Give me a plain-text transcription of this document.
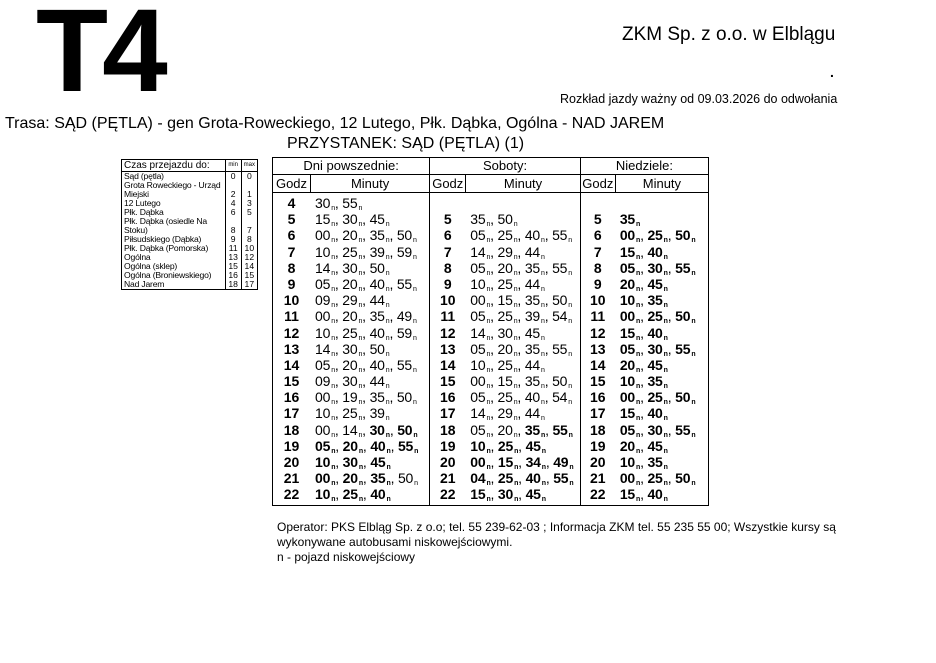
T4	ZKM Sp. z o.o. w Elblągu
.
Rozkład jazdy ważny od 09.03.2026 do odwołania
Trasa: SĄD (PĘTLA) - gen Grota-Roweckiego, 12 Lutego, Płk. Dąbka, Ogólna - NAD JAREM
PRZYSTANEK: SĄD (PĘTLA) (1)
Czas przejazdu do:	min	max
Sąd (pętla)	0	0
Grota Roweckiego - Urząd Miejski	2	1
12 Lutego	4	3
Płk. Dąbka	6	5
Płk. Dąbka (osiedle Na Stoku)	8	7
Piłsudskiego (Dąbka)	9	8
Płk. Dąbka (Pomorska)	11	10
Ogólna	13	12
Ogólna (sklep)	15	14
Ogólna (Broniewskiego)	16	15
Nad Jarem	18	17
Dni powszednie:
Godz	Minuty
4	$30_n$, $55_n$
5	$15_n$, $30_n$, $45_n$
6	$00_n$, $20_n$, $35_n$, $50_n$
7	$10_n$, $25_n$, $39_n$, $59_n$
8	$14_n$, $30_n$, $50_n$
9	$05_n$, $20_n$, $40_n$, $55_n$
10	$09_n$, $29_n$, $44_n$
11	$00_n$, $20_n$, $35_n$, $49_n$
12	$10_n$, $25_n$, $40_n$, $59_n$
13	$14_n$, $30_n$, $50_n$
14	$05_n$, $20_n$, $40_n$, $55_n$
15	$09_n$, $30_n$, $44_n$
16	$00_n$, $19_n$, $35_n$, $50_n$
17	$10_n$, $25_n$, $39_n$
18	$00_n$, $14_n$, $30_n$, $50_n$
19	$05_n$, $20_n$, $40_n$, $55_n$
20	$10_n$, $30_n$, $45_n$
21	$00_n$, $20_n$, $35_n$, $50_n$
22	$10_n$, $25_n$, $40_n$

Soboty:
Godz	Minuty
5	$35_n$, $50_n$
6	$05_n$, $25_n$, $40_n$, $55_n$
7	$14_n$, $29_n$, $44_n$
8	$05_n$, $20_n$, $35_n$, $55_n$
9	$10_n$, $25_n$, $44_n$
10	$00_n$, $15_n$, $35_n$, $50_n$
11	$05_n$, $25_n$, $39_n$, $54_n$
12	$14_n$, $30_n$, $45_n$
13	$05_n$, $20_n$, $35_n$, $55_n$
14	$10_n$, $25_n$, $44_n$
15	$00_n$, $15_n$, $35_n$, $50_n$
16	$05_n$, $25_n$, $40_n$, $54_n$
17	$14_n$, $29_n$, $44_n$
18	$05_n$, $20_n$, $35_n$, $55_n$
19	$10_n$, $25_n$, $45_n$
20	$00_n$, $15_n$, $34_n$, $49_n$
21	$04_n$, $25_n$, $40_n$, $55_n$
22	$15_n$, $30_n$, $45_n$

Niedziele:
Godz	Minuty
5	$35_n$
6	$00_n$, $25_n$, $50_n$
7	$15_n$, $40_n$
8	$05_n$, $30_n$, $55_n$
9	$20_n$, $45_n$
10	$10_n$, $35_n$
11	$00_n$, $25_n$, $50_n$
12	$15_n$, $40_n$
13	$05_n$, $30_n$, $55_n$
14	$20_n$, $45_n$
15	$10_n$, $35_n$
16	$00_n$, $25_n$, $50_n$
17	$15_n$, $40_n$
18	$05_n$, $30_n$, $55_n$
19	$20_n$, $45_n$
20	$10_n$, $35_n$
21	$00_n$, $25_n$, $50_n$
22	$15_n$, $40_n$

Operator: PKS Elbląg Sp. z o.o; tel. 55 239-62-03 ; Informacja ZKM tel. 55 235 55 00; Wszystkie kursy są wykonywane autobusami niskowejściowymi.

n - pojazd niskowejściowy
